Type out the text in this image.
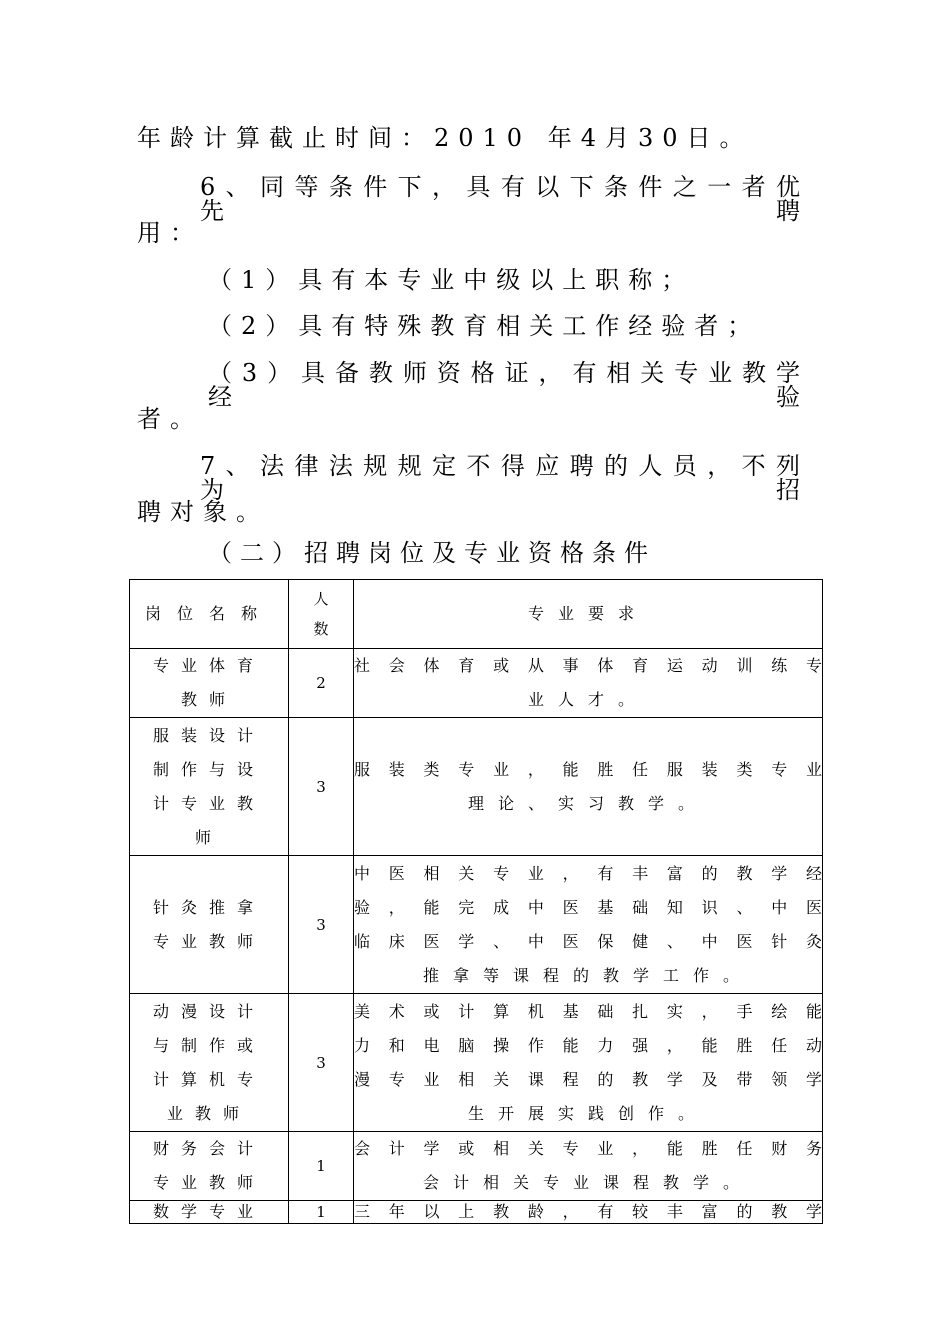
年龄计算截止时间：2010 年4月30日。
6、同等条件下，具有以下条件之一者优先聘
用：
（1）具有本专业中级以上职称；
（2）具有特殊教育相关工作经验者；
（3）具备教师资格证，有相关专业教学经验
者。
7、法律法规规定不得应聘的人员，不列为招
聘对象。
（二）招聘岗位及专业资格条件
岗位名称	人
数	专业要求

专业体育
教师	2	社会体育或从事体育运动训练专
业人才。

服装设计
制作与设
计专业教
师	3	服装类专业，能胜任服装类专业
理论、实习教学。

针灸推拿
专业教师	3	中医相关专业，有丰富的教学经
验，能完成中医基础知识、中医
临床医学、中医保健、中医针灸
推拿等课程的教学工作。

动漫设计
与制作或
计算机专
业教师	3	美术或计算机基础扎实，手绘能
力和电脑操作能力强，能胜任动
漫专业相关课程的教学及带领学
生开展实践创作。

财务会计
专业教师	1	会计学或相关专业，能胜任财务
会计相关专业课程教学。

数学专业	1	三年以上教龄，有较丰富的教学
